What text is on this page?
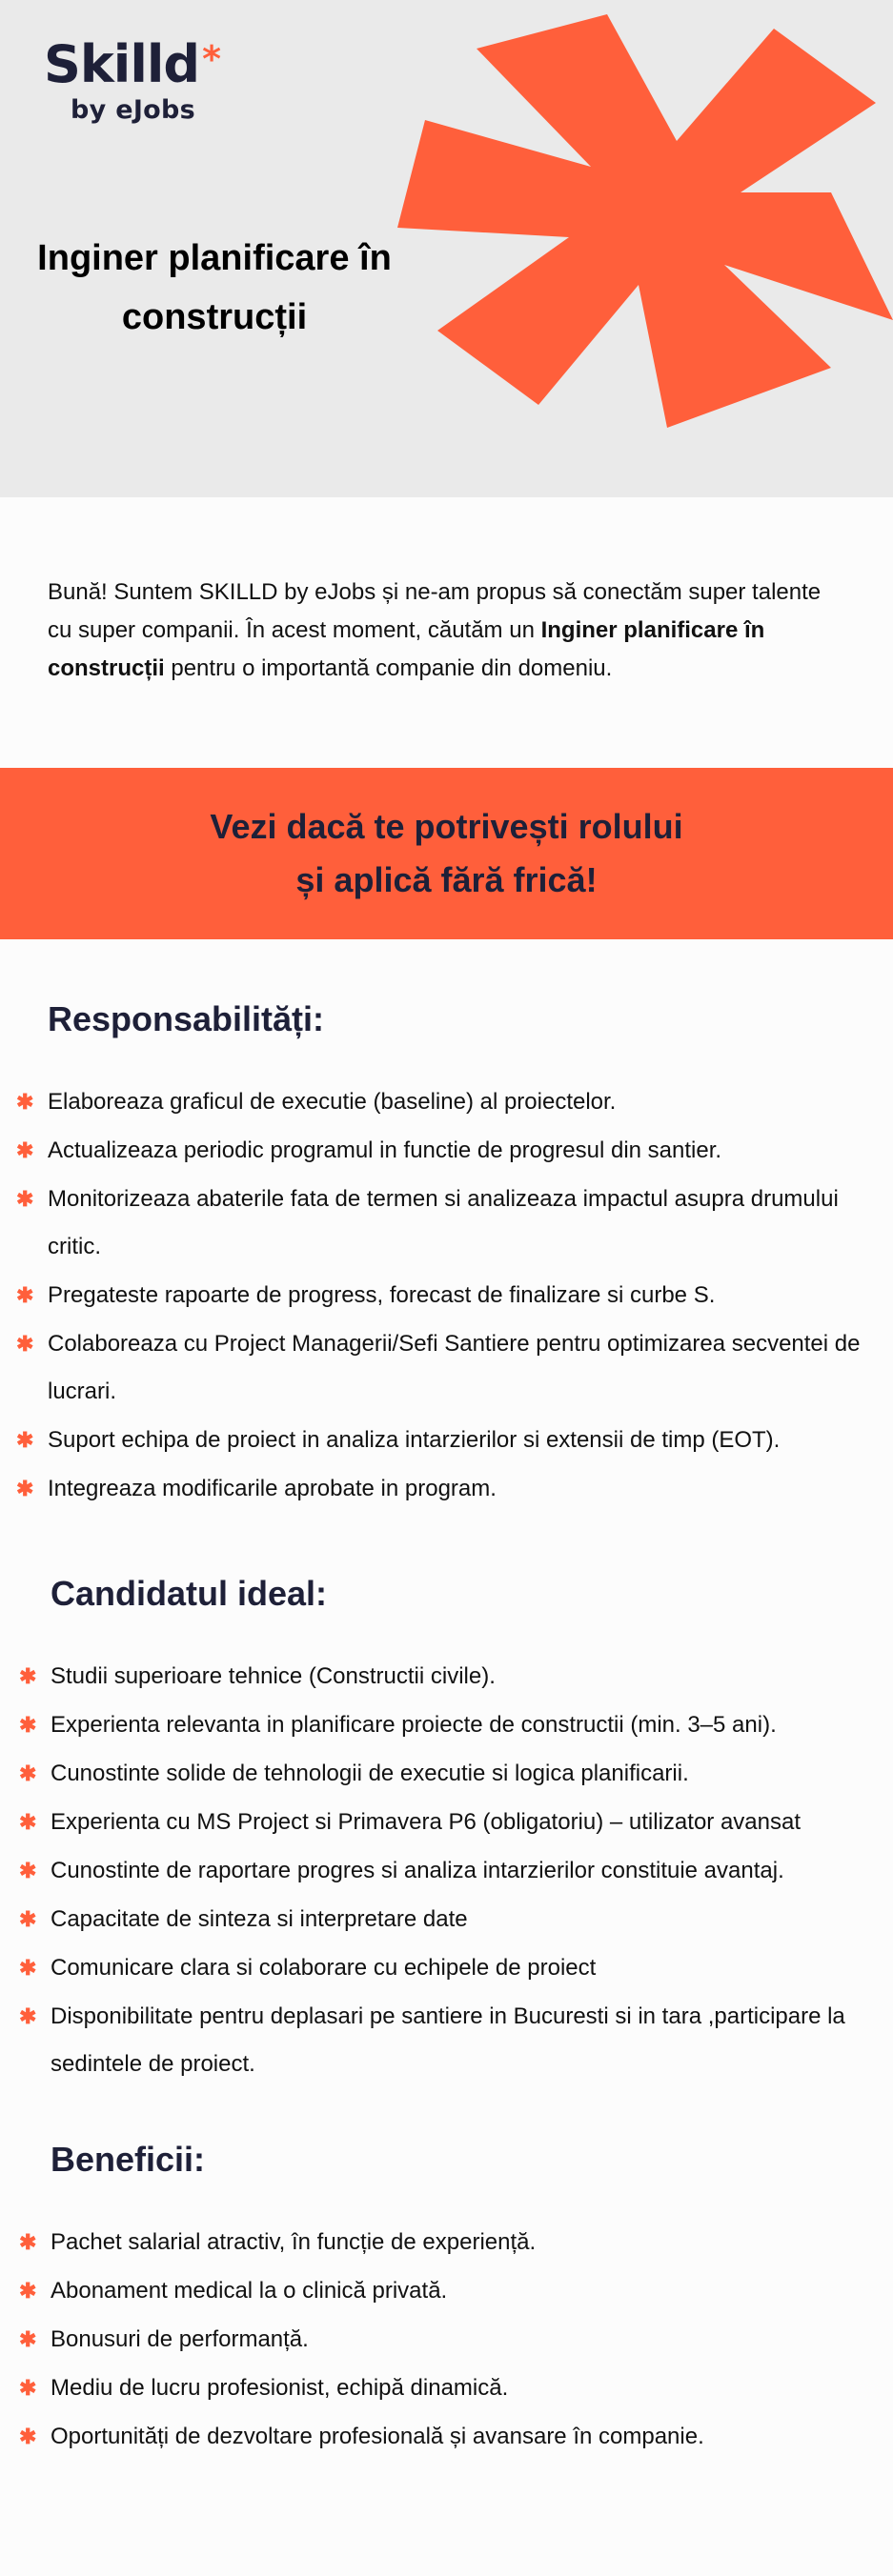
Skilld *
by eJobs
Inginer planificare în construcții

Bună! Suntem SKILLD by eJobs și ne-am propus să conectăm super talente cu super companii. În acest moment, căutăm un Inginer planificare în construcții pentru o importantă companie din domeniu.

Vezi dacă te potrivești rolului și aplică fără frică!
Responsabilități:
✱ Elaboreaza graficul de executie (baseline) al proiectelor.
✱ Actualizeaza periodic programul in functie de progresul din santier.
✱ Monitorizeaza abaterile fata de termen si analizeaza impactul asupra drumului critic.
✱ Pregateste rapoarte de progress, forecast de finalizare si curbe S.
✱ Colaboreaza cu Project Managerii/Sefi Santiere pentru optimizarea secventei de lucrari.
✱ Suport echipa de proiect in analiza intarzierilor si extensii de timp (EOT).
✱ Integreaza modificarile aprobate in program.
Candidatul ideal:
✱ Studii superioare tehnice (Constructii civile).
✱ Experienta relevanta in planificare proiecte de constructii (min. 3–5 ani).
✱ Cunostinte solide de tehnologii de executie si logica planificarii.
✱ Experienta cu MS Project si Primavera P6 (obligatoriu) – utilizator avansat
✱ Cunostinte de raportare progres si analiza intarzierilor constituie avantaj.
✱ Capacitate de sinteza si interpretare date
✱ Comunicare clara si colaborare cu echipele de proiect
✱ Disponibilitate pentru deplasari pe santiere in Bucuresti si in tara ,participare la sedintele de proiect.
Beneficii:
✱ Pachet salarial atractiv, în funcție de experiență.
✱ Abonament medical la o clinică privată.
✱ Bonusuri de performanță.
✱ Mediu de lucru profesionist, echipă dinamică.
✱ Oportunități de dezvoltare profesională și avansare în companie.
